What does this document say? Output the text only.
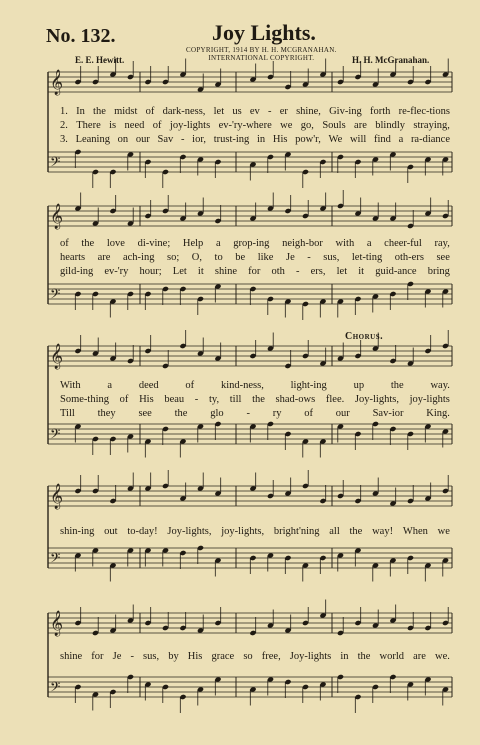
No. 132.	Joy Lights.
COPYRIGHT, 1914 BY H. H. MCGRANAHAN.
INTERNATIONAL COPYRIGHT.
E. E. Hewitt.	H. H. McGranahan.
Chorus.
𝄞
𝄢
1. In the midst of dark-ness, let us ev - er shine, Giv-ing forth re-flec-tions
2. There is need of joy-lights ev-'ry-where we go, Souls are blindly straying,
3. Leaning on our Sav - ior, trust-ing in His pow'r, We will find a ra-diance
𝄞
𝄢
of the love di-vine; Help a grop-ing neigh-bor with a cheer-ful ray,
hearts are ach-ing so; O, to be like Je - sus, let-ting oth-ers see
gild-ing ev-'ry hour; Let it shine for oth - ers, let it guid-ance bring
𝄞
𝄢
With	a	deed	of	kind-ness,	light-ing	up	the	way.
Some-thing of His beau - ty, till the shad-ows flee. Joy-lights, joy-lights
Till they see the glo - ry of our Sav-ior King.
𝄞
𝄢
shin-ing out to-day! Joy-lights, joy-lights, bright'ning all the way! When we
𝄞
𝄢
shine for Je - sus, by His grace so free, Joy-lights in the world are we.
